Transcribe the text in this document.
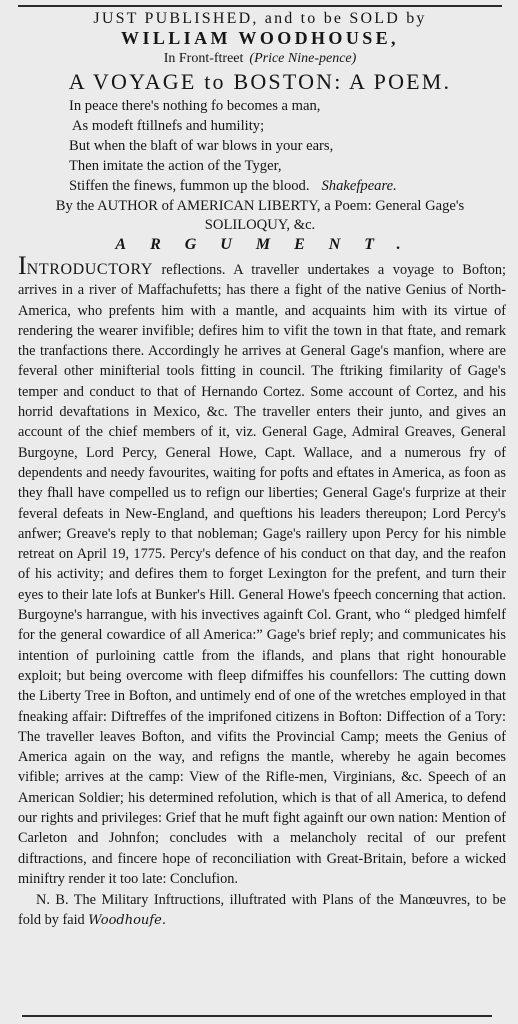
JUST PUBLISHED, and to be SOLD by
WILLIAM WOODHOUSE,
In Front-ftreet (Price Nine-pence)
A VOYAGE to BOSTON: A POEM.
In peace there's nothing fo becomes a man,
As modeft ftillnefs and humility;
But when the blaft of war blows in your ears,
Then imitate the action of the Tyger,
Stiffen the finews, fummon up the blood. Shakefpeare.
By the AUTHOR of AMERICAN LIBERTY, a Poem: General Gage's SOLILOQUY, &c.
ARGUMENT.
INTRODUCTORY reflections. A traveller undertakes a voyage to Bofton; arrives in a river of Maffachufetts; has there a fight of the native Genius of North-America, who prefents him with a mantle, and acquaints him with its virtue of rendering the wearer invifible; defires him to vifit the town in that ftate, and remark the tranfactions there. Accordingly he arrives at General Gage's manfion, where are feveral other minifterial tools fitting in council. The ftriking fimilarity of Gage's temper and conduct to that of Hernando Cortez. Some account of Cortez, and his horrid devaftations in Mexico, &c. The traveller enters their junto, and gives an account of the chief members of it, viz. General Gage, Admiral Greaves, General Burgoyne, Lord Percy, General Howe, Capt. Wallace, and a numerous fry of dependents and needy favourites, waiting for pofts and eftates in America, as foon as they fhall have compelled us to refign our liberties; General Gage's furprize at their feveral defeats in New-England, and queftions his leaders thereupon; Lord Percy's anfwer; Greave's reply to that nobleman; Gage's raillery upon Percy for his nimble retreat on April 19, 1775. Percy's defence of his conduct on that day, and the reafon of his activity; and defires them to forget Lexington for the prefent, and turn their eyes to their late lofs at Bunker's Hill. General Howe's fpeech concerning that action. Burgoyne's harrangue, with his invectives againft Col. Grant, who “ pledged himfelf for the general cowardice of all America:” Gage's brief reply; and communicates his intention of purloining cattle from the iflands, and plans that right honourable exploit; but being overcome with fleep difmiffes his counfellors: The cutting down the Liberty Tree in Bofton, and untimely end of one of the wretches employed in that fneaking affair: Diftreffes of the imprifoned citizens in Bofton: Diffection of a Tory: The traveller leaves Bofton, and vifits the Provincial Camp; meets the Genius of America again on the way, and refigns the mantle, whereby he again becomes vifible; arrives at the camp: View of the Rifle-men, Virginians, &c. Speech of an American Soldier; his determined refolution, which is that of all America, to defend our rights and privileges: Grief that he muft fight againft our own nation: Mention of Carleton and Johnfon; concludes with a melancholy recital of our prefent diftractions, and fincere hope of reconciliation with Great-Britain, before a wicked miniftry render it too late: Conclufion.
N. B. The Military Inftructions, illuftrated with Plans of the Manœuvres, to be fold by faid Woodhoufe.
